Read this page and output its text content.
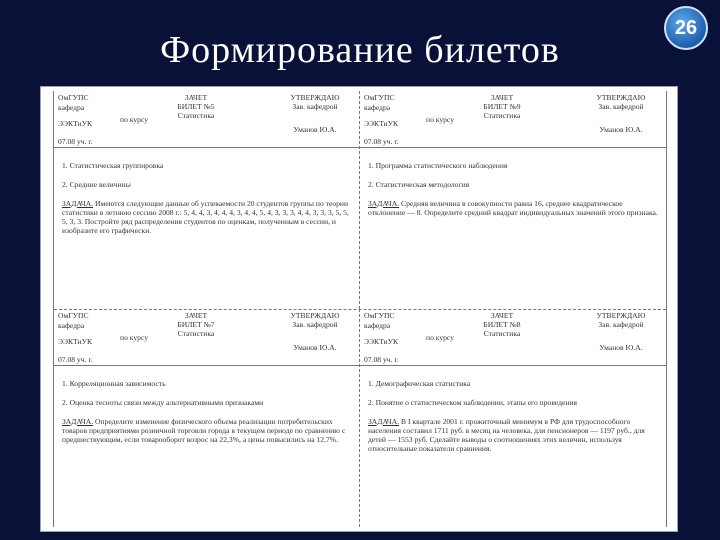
Формирование билетов
26
ОмГУПС
кафедра
ЭЭКТиУК	по курсу
ЗАЧЕТ
БИЛЕТ №5
Статистика
УТВЕРЖДАЮ
Зав. кафедрой
Уманов Ю.А.
07.08 уч. г.
1. Статистическая группировка
2. Средние величины
ЗАДАЧА. Имеются следующие данные об успеваемости 20 студентов группы по теории статистики в летнюю сессию 2008 г.: 5, 4, 4, 3, 4, 4, 4, 3, 4, 4, 5, 4, 3, 3, 3, 4, 4, 3, 3, 3, 5, 5, 5, 3, 3. Постройте ряд распределения студентов по оценкам, полученным в сессии, и изобразите его графически.
ОмГУПС
кафедра
ЭЭКТиУК	по курсу
ЗАЧЕТ
БИЛЕТ №9
Статистика
УТВЕРЖДАЮ
Зав. кафедрой
Уманов Ю.А.
07.08 уч. г.
1. Программа статистического наблюдения
2. Статистическая методология
ЗАДАЧА. Средняя величина в совокупности равна 16, среднее квадратическое отклонение — 8. Определите средний квадрат индивидуальных значений этого признака.
ОмГУПС
кафедра
ЭЭКТиУК	по курсу
ЗАЧЕТ
БИЛЕТ №7
Статистика
УТВЕРЖДАЮ
Зав. кафедрой
Уманов Ю.А.
07.08 уч. г.
1. Корреляционная зависимость
2. Оценка тесноты связи между альтернативными признаками
ЗАДАЧА. Определите изменение физического объема реализации потребительских товаров предприятиями розничной торговли города в текущем периоде по сравнению с предшествующим, если товарооборот возрос на 22,3%, а цены повысились на 12,7%.
ОмГУПС
кафедра
ЭЭКТиУК	по курсу
ЗАЧЕТ
БИЛЕТ №8
Статистика
УТВЕРЖДАЮ
Зав. кафедрой
Уманов Ю.А.
07.08 уч. г.
1. Демографическая статистика
2. Понятие о статистическом наблюдении, этапы его проведения
ЗАДАЧА. В I квартале 2001 г. прожиточный минимум в РФ для трудоспособного населения составил 1711 руб. в месяц на человека, для пенсионеров — 1197 руб., для детей — 1553 руб. Сделайте выводы о соотношениях этих величин, используя относительные показатели сравнения.
